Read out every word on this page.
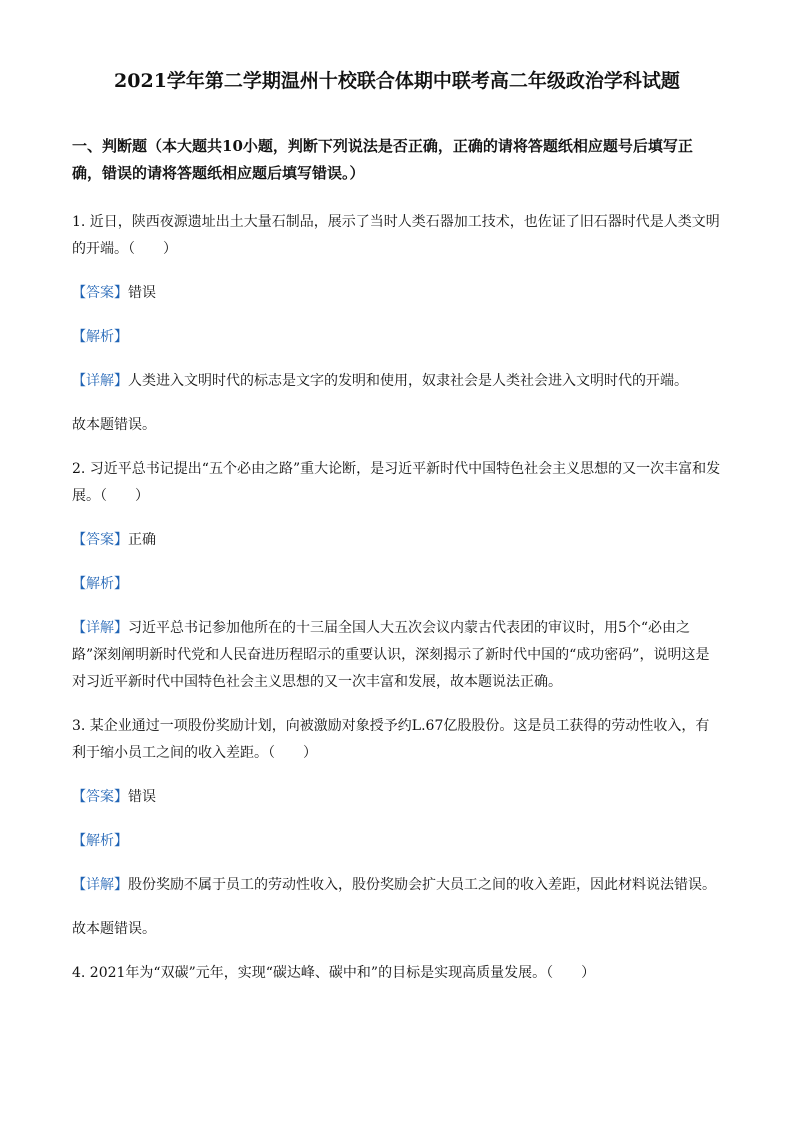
2021学年第二学期温州十校联合体期中联考高二年级政治学科试题
一、判断题（本大题共10小题，判断下列说法是否正确，正确的请将答题纸相应题号后填写正确，错误的请将答题纸相应题后填写错误。）
1. 近日，陕西夜源遗址出土大量石制品，展示了当时人类石器加工技术，也佐证了旧石器时代是人类文明的开端。（　　）
【答案】错误
【解析】
【详解】人类进入文明时代的标志是文字的发明和使用，奴隶社会是人类社会进入文明时代的开端。
故本题错误。
2. 习近平总书记提出“五个必由之路”重大论断，是习近平新时代中国特色社会主义思想的又一次丰富和发展。（　　）
【答案】正确
【解析】
【详解】习近平总书记参加他所在的十三届全国人大五次会议内蒙古代表团的审议时，用5个“必由之路”深刻阐明新时代党和人民奋进历程昭示的重要认识，深刻揭示了新时代中国的“成功密码”，说明这是对习近平新时代中国特色社会主义思想的又一次丰富和发展，故本题说法正确。
3. 某企业通过一项股份奖励计划，向被激励对象授予约L.67亿股股份。这是员工获得的劳动性收入，有利于缩小员工之间的收入差距。（　　）
【答案】错误
【解析】
【详解】股份奖励不属于员工的劳动性收入，股份奖励会扩大员工之间的收入差距，因此材料说法错误。
故本题错误。
4. 2021年为“双碳”元年，实现“碳达峰、碳中和”的目标是实现高质量发展。（　　）
